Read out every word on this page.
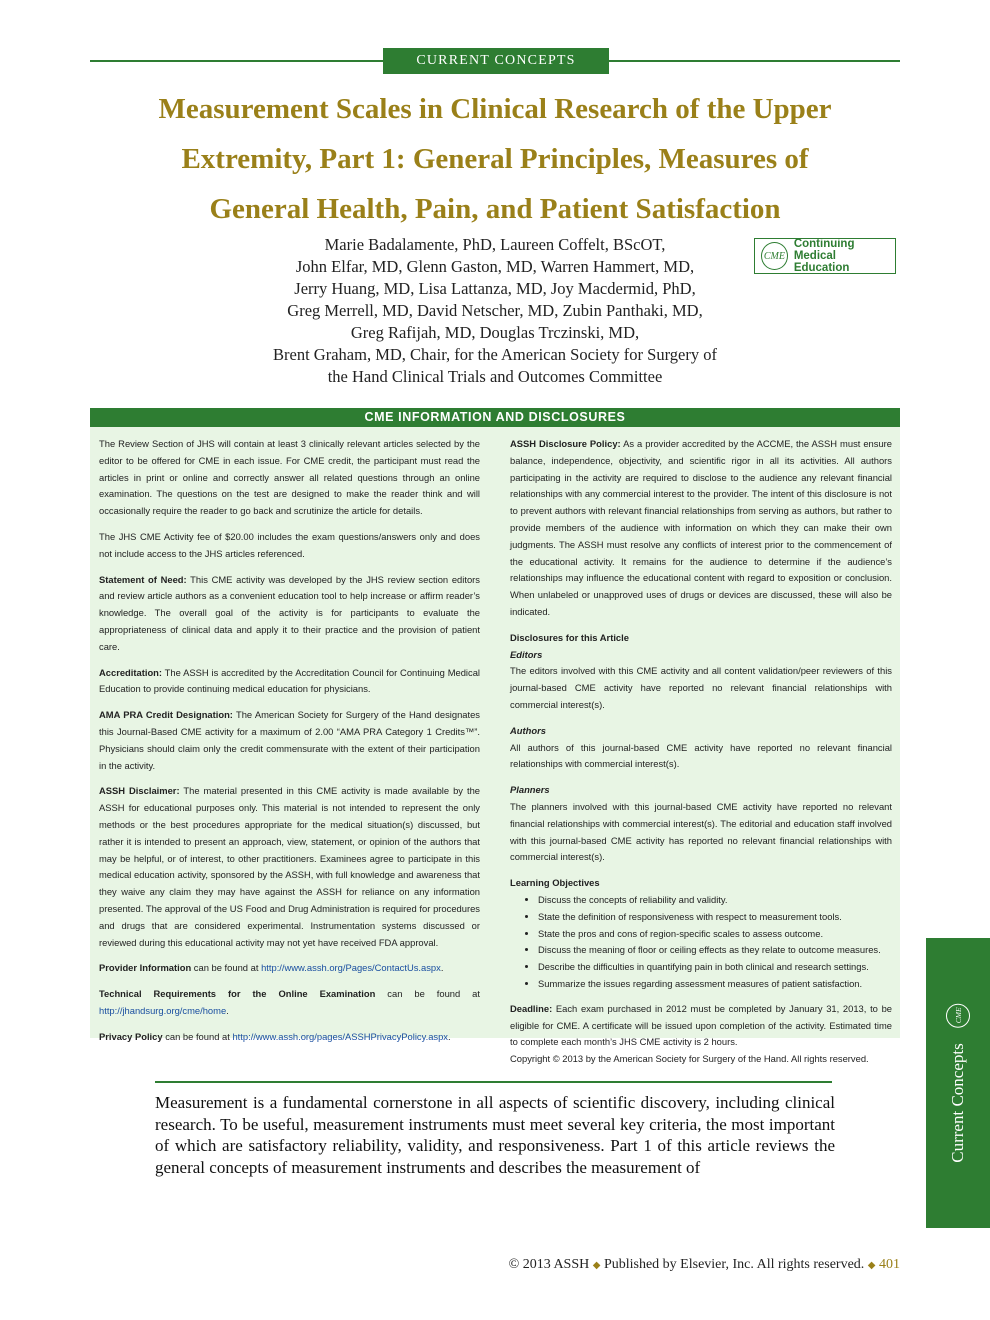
CURRENT CONCEPTS
Measurement Scales in Clinical Research of the Upper
Extremity, Part 1: General Principles, Measures of
General Health, Pain, and Patient Satisfaction
Marie Badalamente, PhD, Laureen Coffelt, BScOT,
John Elfar, MD, Glenn Gaston, MD, Warren Hammert, MD,
Jerry Huang, MD, Lisa Lattanza, MD, Joy Macdermid, PhD,
Greg Merrell, MD, David Netscher, MD, Zubin Panthaki, MD,
Greg Rafijah, MD, Douglas Trczinski, MD,
Brent Graham, MD, Chair, for the American Society for Surgery of
the Hand Clinical Trials and Outcomes Committee
CME
Continuing Medical
Education
CME INFORMATION AND DISCLOSURES

The Review Section of JHS will contain at least 3 clinically relevant articles selected by the editor to be offered for CME in each issue. For CME credit, the participant must read the articles in print or online and correctly answer all related questions through an online examination. The questions on the test are designed to make the reader think and will occasionally require the reader to go back and scrutinize the article for details.

The JHS CME Activity fee of $20.00 includes the exam questions/answers only and does not include access to the JHS articles referenced.

Statement of Need: This CME activity was developed by the JHS review section editors and review article authors as a convenient education tool to help increase or affirm reader’s knowledge. The overall goal of the activity is for participants to evaluate the appropriateness of clinical data and apply it to their practice and the provision of patient care.

Accreditation: The ASSH is accredited by the Accreditation Council for Continuing Medical Education to provide continuing medical education for physicians.

AMA PRA Credit Designation: The American Society for Surgery of the Hand designates this Journal-Based CME activity for a maximum of 2.00 “AMA PRA Category 1 Credits™”. Physicians should claim only the credit commensurate with the extent of their participation in the activity.

ASSH Disclaimer: The material presented in this CME activity is made available by the ASSH for educational purposes only. This material is not intended to represent the only methods or the best procedures appropriate for the medical situation(s) discussed, but rather it is intended to present an approach, view, statement, or opinion of the authors that may be helpful, or of interest, to other practitioners. Examinees agree to participate in this medical education activity, sponsored by the ASSH, with full knowledge and awareness that they waive any claim they may have against the ASSH for reliance on any information presented. The approval of the US Food and Drug Administration is required for procedures and drugs that are considered experimental. Instrumentation systems discussed or reviewed during this educational activity may not yet have received FDA approval.

Provider Information can be found at http://www.assh.org/Pages/ContactUs.aspx.

Technical Requirements for the Online Examination can be found at http://jhandsurg.org/cme/home.

Privacy Policy can be found at http://www.assh.org/pages/ASSHPrivacyPolicy.aspx.

ASSH Disclosure Policy: As a provider accredited by the ACCME, the ASSH must ensure balance, independence, objectivity, and scientific rigor in all its activities. All authors participating in the activity are required to disclose to the audience any relevant financial relationships with any commercial interest to the provider. The intent of this disclosure is not to prevent authors with relevant financial relationships from serving as authors, but rather to provide members of the audience with information on which they can make their own judgments. The ASSH must resolve any conflicts of interest prior to the commencement of the educational activity. It remains for the audience to determine if the audience’s relationships may influence the educational content with regard to exposition or conclusion. When unlabeled or unapproved uses of drugs or devices are discussed, these will also be indicated.

Disclosures for this Article
Editors

The editors involved with this CME activity and all content validation/peer reviewers of this journal-based CME activity have reported no relevant financial relationships with commercial interest(s).

Authors

All authors of this journal-based CME activity have reported no relevant financial relationships with commercial interest(s).

Planners

The planners involved with this journal-based CME activity have reported no relevant financial relationships with commercial interest(s). The editorial and education staff involved with this journal-based CME activity has reported no relevant financial relationships with commercial interest(s).

Learning Objectives
• Discuss the concepts of reliability and validity.
• State the definition of responsiveness with respect to measurement tools.
• State the pros and cons of region-specific scales to assess outcome.
• Discuss the meaning of floor or ceiling effects as they relate to outcome measures.
• Describe the difficulties in quantifying pain in both clinical and research settings.
• Summarize the issues regarding assessment measures of patient satisfaction.

Deadline: Each exam purchased in 2012 must be completed by January 31, 2013, to be eligible for CME. A certificate will be issued upon completion of the activity. Estimated time to complete each month’s JHS CME activity is 2 hours.

Copyright © 2013 by the American Society for Surgery of the Hand. All rights reserved.

Measurement is a fundamental cornerstone in all aspects of scientific discovery, including clinical research. To be useful, measurement instruments must meet several key criteria, the most important of which are satisfactory reliability, validity, and responsiveness. Part 1 of this article reviews the general concepts of measurement instruments and describes the measurement of
Current Concepts
CME
© 2013 ASSH ◆ Published by Elsevier, Inc. All rights reserved. ◆ 401
